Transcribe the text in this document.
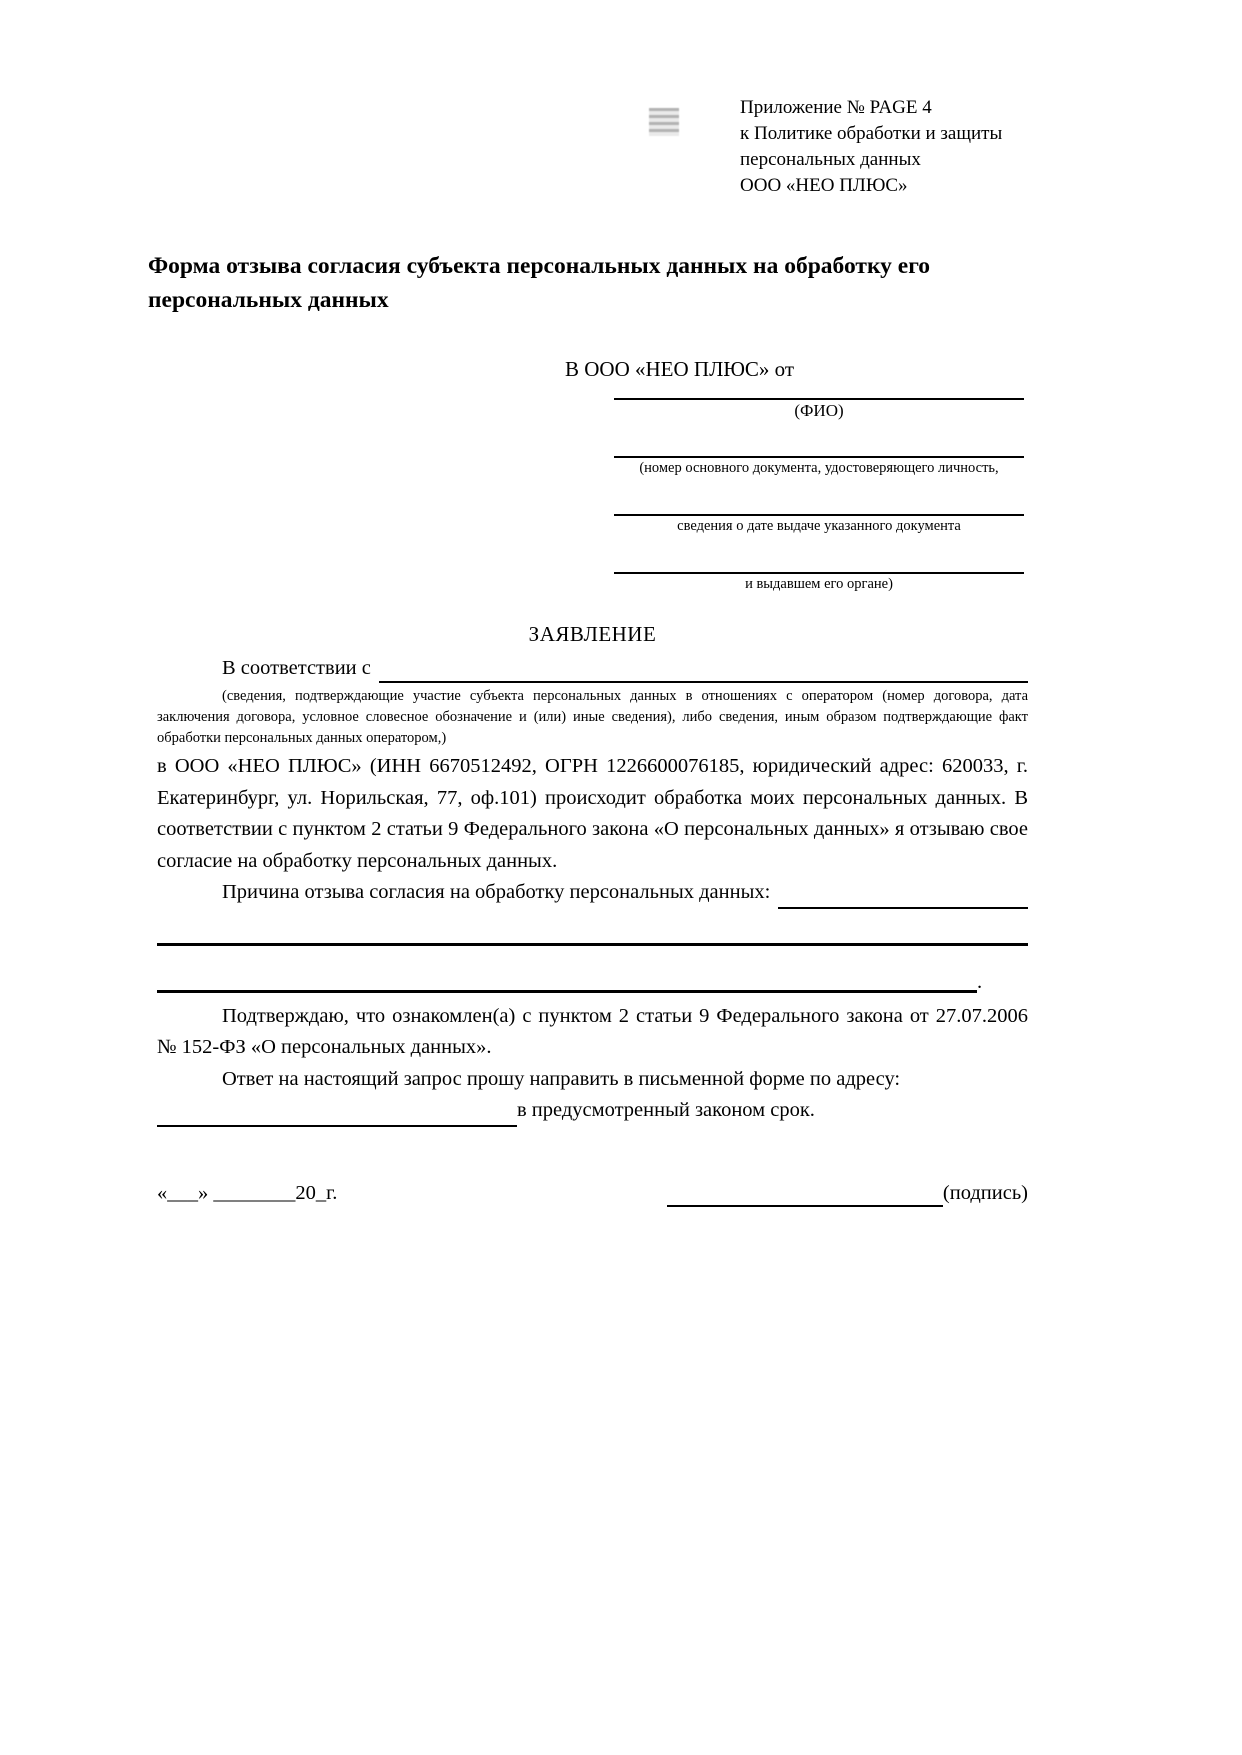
Приложение № PAGE 4
к Политике обработки и защиты
персональных данных
ООО «НЕО ПЛЮС»
Форма отзыва согласия субъекта персональных данных на обработку его персональных данных
В ООО «НЕО ПЛЮС» от
(ФИО)
(номер основного документа, удостоверяющего личность,
сведения о дате выдаче указанного документа
и выдавшем его органе)
ЗАЯВЛЕНИЕ
В соответствии с
(сведения, подтверждающие участие субъекта персональных данных в отношениях с оператором (номер договора, дата заключения договора, условное словесное обозначение и (или) иные сведения), либо сведения, иным образом подтверждающие факт обработки персональных данных оператором,)
в ООО «НЕО ПЛЮС» (ИНН 6670512492, ОГРН 1226600076185, юридический адрес: 620033, г. Екатеринбург, ул. Норильская, 77, оф.101) происходит обработка моих персональных данных. В соответствии с пунктом 2 статьи 9 Федерального закона «О персональных данных» я отзываю свое согласие на обработку персональных данных.
Причина отзыва согласия на обработку персональных данных:
.
Подтверждаю, что ознакомлен(а) с пунктом 2 статьи 9 Федерального закона от 27.07.2006 № 152-ФЗ «О персональных данных».
Ответ на настоящий запрос прошу направить в письменной форме по адресу:
в предусмотренный законом срок.
«___» ________20_г.	(подпись)
